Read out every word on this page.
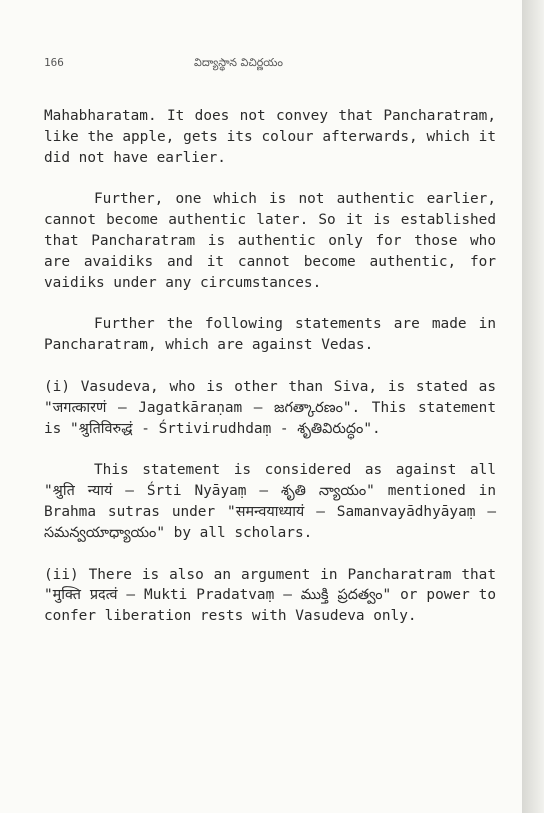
166	విద్యాస్థాన విచిర్ణయం

Mahabharatam. It does not convey that Pancharatram, like the apple, gets its colour afterwards, which it did not have earlier.

Further, one which is not authentic earlier, cannot become authentic later. So it is established that Pancharatram is authentic only for those who are avaidiks and it cannot become authentic, for vaidiks under any circumstances.

Further the following statements are made in Pancharatram, which are against Vedas.

(i) Vasudeva, who is other than Siva, is stated as "जगत्कारणं – Jagatkāraṇam – జగత్కారణం". This statement is "श्रुतिविरुद्धं - Śrtivirudhdaṃ - శృతివిరుద్ధం".

This statement is considered as against all "श्रुति न्यायं – Śrti Nyāyaṃ – శృతి న్యాయం" mentioned in Brahma sutras under "समन्वयाध्यायं – Samanvayādhyāyaṃ – సమన్వయాధ్యాయం" by all scholars.

(ii) There is also an argument in Pancharatram that "मुक्ति प्रदत्वं – Mukti Pradatvaṃ – ముక్తి ప్రదత్వం" or power to confer liberation rests with Vasudeva only.
